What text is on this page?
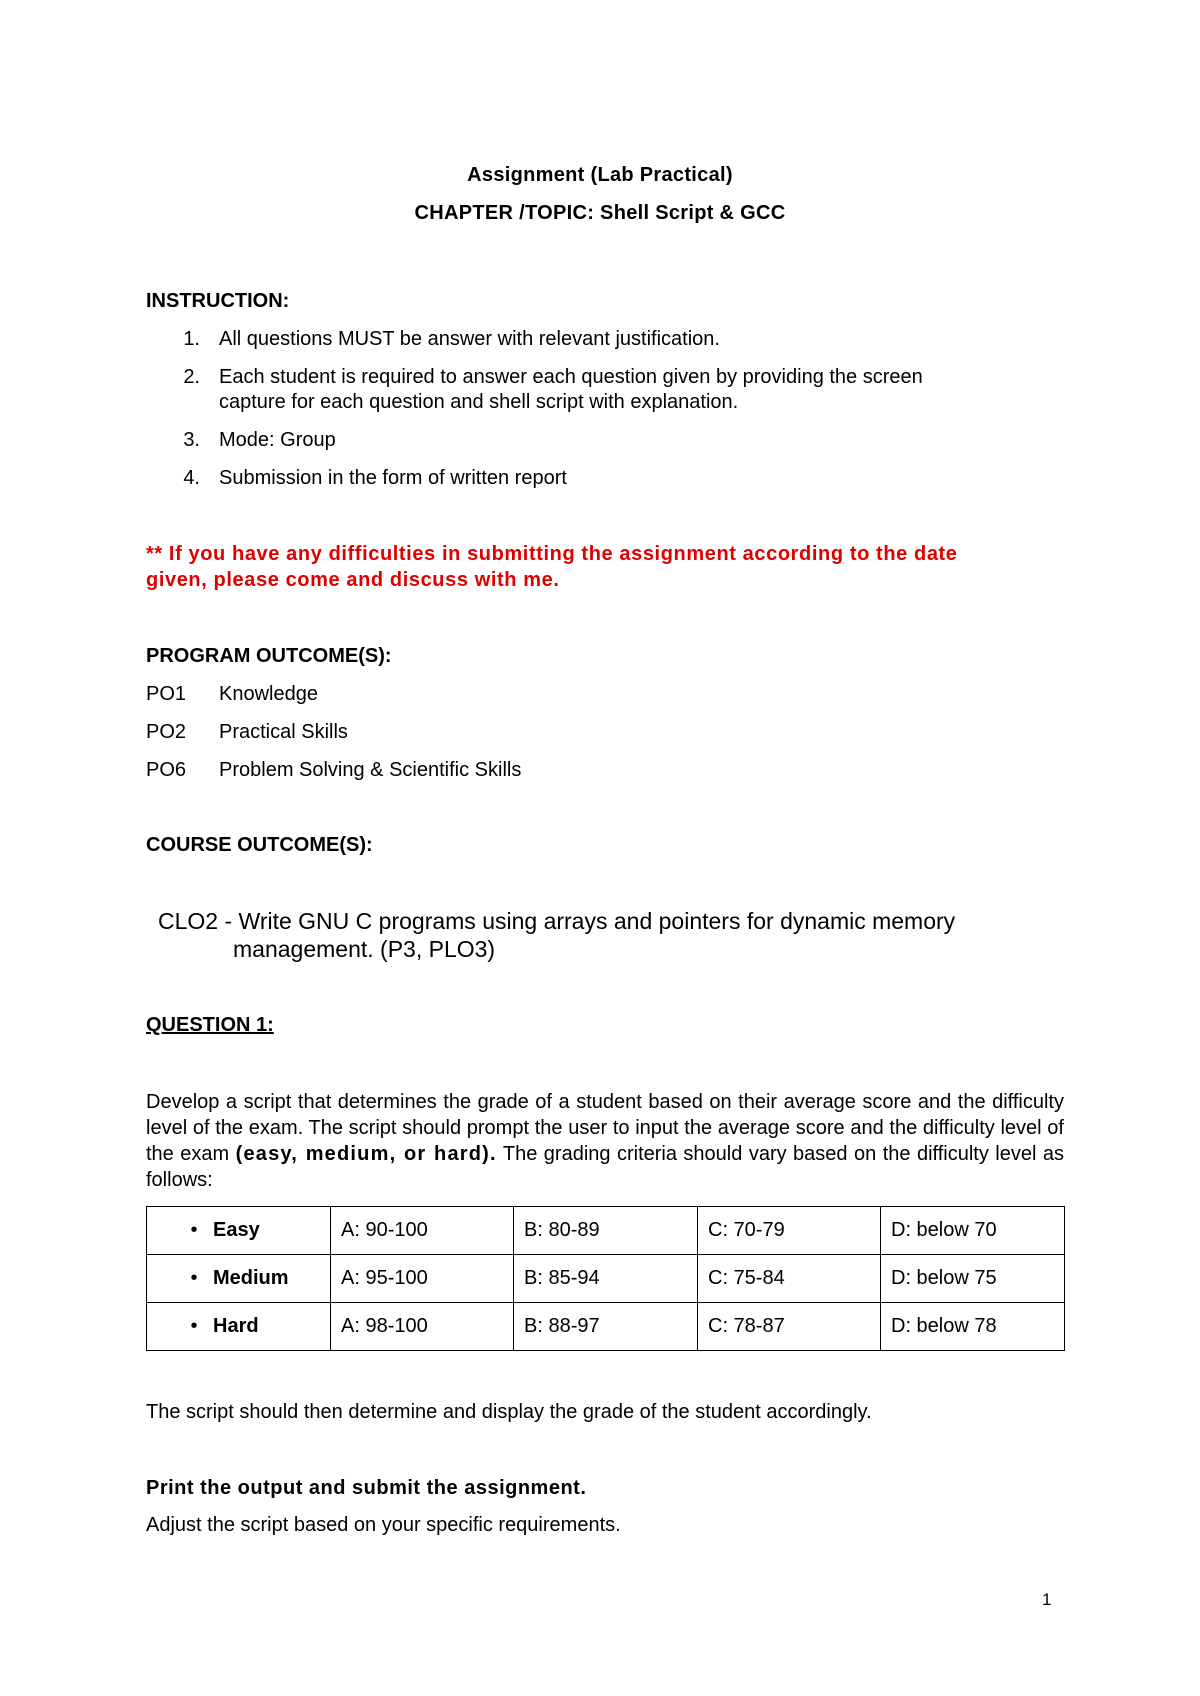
Assignment (Lab Practical)
CHAPTER /TOPIC: Shell Script & GCC
INSTRUCTION:
1. All questions MUST be answer with relevant justification.
2. Each student is required to answer each question given by providing the screen
capture for each question and shell script with explanation.
3. Mode: Group
4. Submission in the form of written report
** If you have any difficulties in submitting the assignment according to the date
given, please come and discuss with me.
PROGRAM OUTCOME(S):
PO1 Knowledge
PO2 Practical Skills
PO6 Problem Solving & Scientific Skills
COURSE OUTCOME(S):
CLO2 - Write GNU C programs using arrays and pointers for dynamic memory
management. (P3, PLO3)
QUESTION 1:
Develop a script that determines the grade of a student based on their average score and the difficulty level of the exam. The script should prompt the user to input the average score and the difficulty level of the exam (easy, medium, or hard). The grading criteria should vary based on the difficulty level as follows:
• Easy	A: 90-100	B: 80-89	C: 70-79	D: below 70
• Medium	A: 95-100	B: 85-94	C: 75-84	D: below 75
• Hard	A: 98-100	B: 88-97	C: 78-87	D: below 78
The script should then determine and display the grade of the student accordingly.
Print the output and submit the assignment.
Adjust the script based on your specific requirements.
1
